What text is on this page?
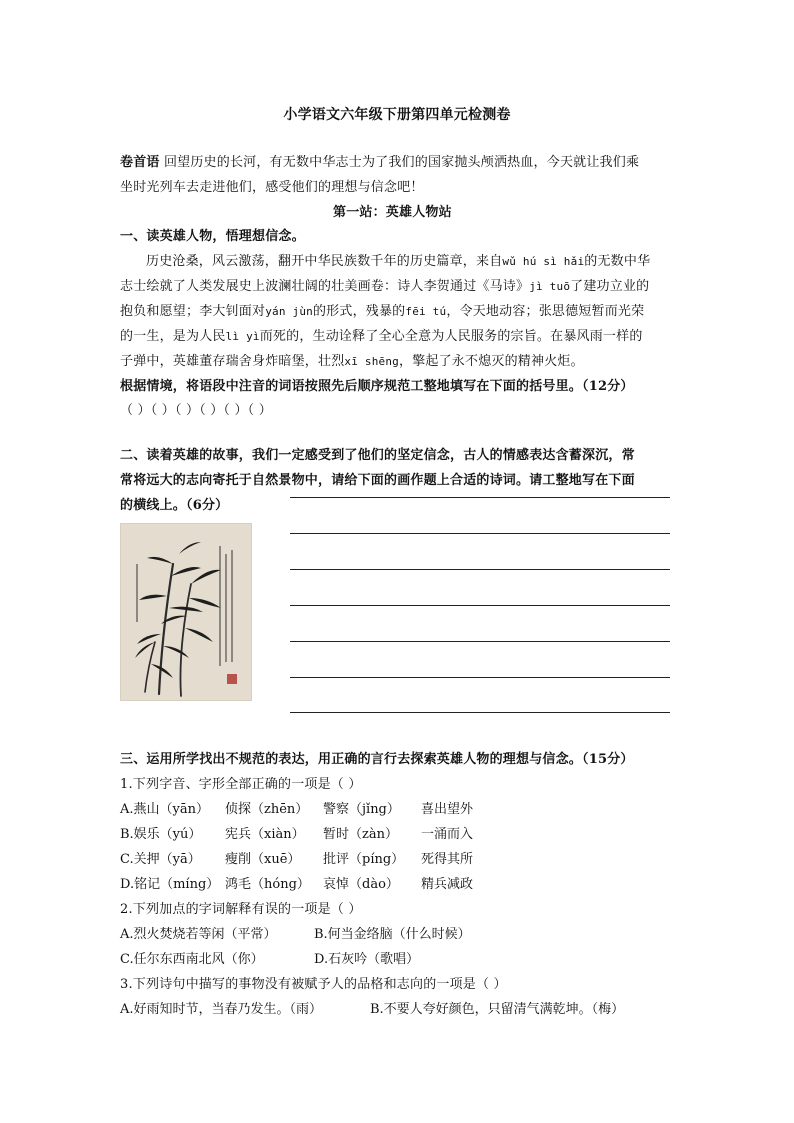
小学语文六年级下册第四单元检测卷
卷首语 回望历史的长河，有无数中华志士为了我们的国家抛头颅洒热血，今天就让我们乘
坐时光列车去走进他们，感受他们的理想与信念吧！
第一站：英雄人物站
一、读英雄人物，悟理想信念。
历史沧桑，风云激荡，翻开中华民族数千年的历史篇章，来自wǔ hú sì hǎi的无数中华
志士绘就了人类发展史上波澜壮阔的壮美画卷：诗人李贺通过《马诗》jì tuō了建功立业的
抱负和愿望；李大钊面对yán jùn的形式，残暴的fēi tú，令天地动容；张思德短暂而光荣
的一生，是为人民lì yì而死的，生动诠释了全心全意为人民服务的宗旨。在暴风雨一样的
子弹中，英雄董存瑞舍身炸暗堡，壮烈xī shēng，擎起了永不熄灭的精神火炬。
根据情境，将语段中注音的词语按照先后顺序规范工整地填写在下面的括号里。（12分）
（ ）（ ）（ ）（ ）（ ）（ ）
二、读着英雄的故事，我们一定感受到了他们的坚定信念，古人的情感表达含蓄深沉，常
常将远大的志向寄托于自然景物中，请给下面的画作题上合适的诗词。请工整地写在下面
的横线上。（6分）
三、运用所学找出不规范的表达，用正确的言行去探索英雄人物的理想与信念。（15分）
1.下列字音、字形全部正确的一项是（ ）
A.燕山（yān） 侦探（zhēn） 警察（jǐng） 喜出望外
B.娱乐（yú） 宪兵（xiàn） 暂时（zàn） 一涌而入
C.关押（yā） 瘦削（xuē） 批评（píng） 死得其所
D.铭记（míng） 鸿毛（hóng） 哀悼（dào） 精兵减政
2.下列加点的字词解释有误的一项是（ ）
A.烈火焚烧若等闲（平常）	B.何当金络脑（什么时候）
C.任尔东西南北风（你）	D.石灰吟（歌唱）
3.下列诗句中描写的事物没有被赋予人的品格和志向的一项是（ ）
A.好雨知时节，当春乃发生。（雨）	B.不要人夸好颜色，只留清气满乾坤。（梅）
